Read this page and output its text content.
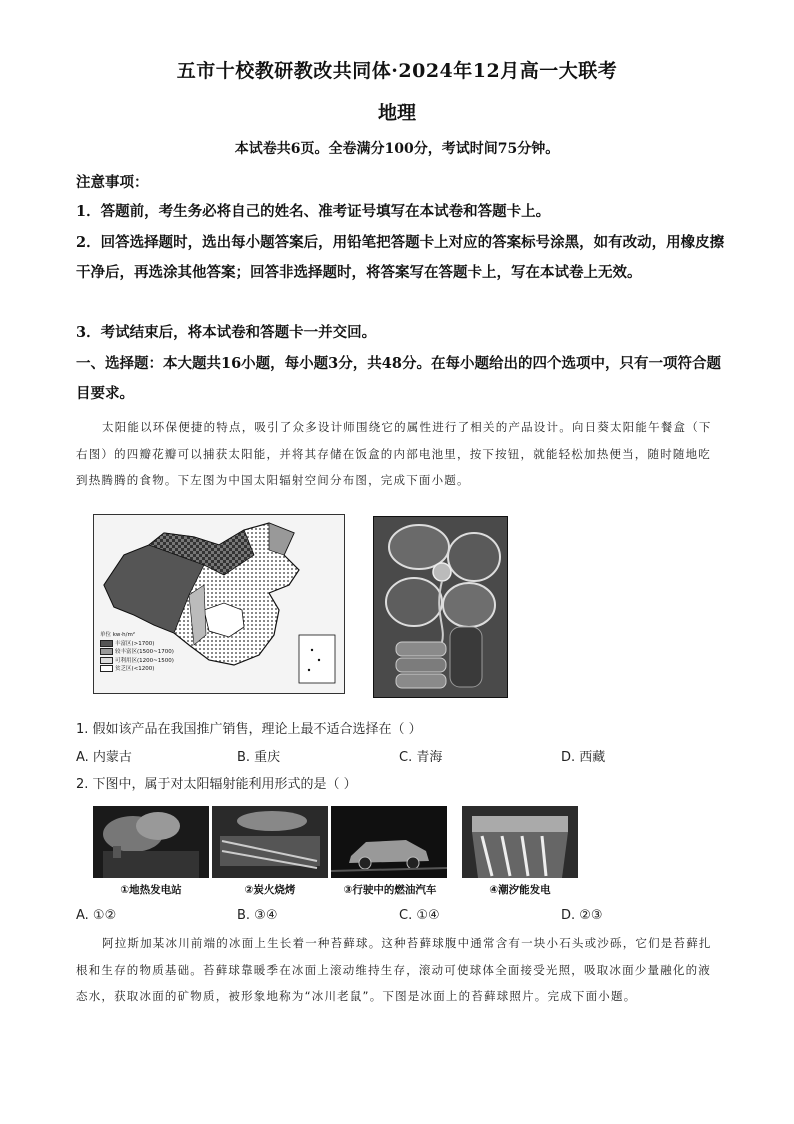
五市十校教研教改共同体·2024年12月高一大联考
地理
本试卷共6页。全卷满分100分，考试时间75分钟。
注意事项：
1．答题前，考生务必将自己的姓名、准考证号填写在本试卷和答题卡上。
2．回答选择题时，选出每小题答案后，用铅笔把答题卡上对应的答案标号涂黑，如有改动，用橡皮擦干净后，再选涂其他答案；回答非选择题时，将答案写在答题卡上，写在本试卷上无效。
3．考试结束后，将本试卷和答题卡一并交回。
一、选择题：本大题共16小题，每小题3分，共48分。在每小题给出的四个选项中，只有一项符合题目要求。
太阳能以环保便捷的特点，吸引了众多设计师围绕它的属性进行了相关的产品设计。向日葵太阳能午餐盒（下右图）的四瓣花瓣可以捕获太阳能，并将其存储在饭盒的内部电池里，按下按钮，就能轻松加热便当，随时随地吃到热腾腾的食物。下左图为中国太阳辐射空间分布图，完成下面小题。
单位 kw·h/m²
丰富区(>1700)
较丰富区(1500~1700)
可利用区(1200~1500)
贫乏区(<1200)
1. 假如该产品在我国推广销售，理论上最不适合选择在（ ）
A. 内蒙古	B. 重庆	C. 青海	D. 西藏
2. 下图中，属于对太阳辐射能利用形式的是（ ）
①地热发电站	②炭火烧烤	③行驶中的燃油汽车	④潮汐能发电
A. ①②	B. ③④	C. ①④	D. ②③
阿拉斯加某冰川前端的冰面上生长着一种苔藓球。这种苔藓球腹中通常含有一块小石头或沙砾，它们是苔藓扎根和生存的物质基础。苔藓球靠暖季在冰面上滚动维持生存，滚动可使球体全面接受光照，吸取冰面少量融化的液态水，获取冰面的矿物质，被形象地称为“冰川老鼠”。下图是冰面上的苔藓球照片。完成下面小题。
